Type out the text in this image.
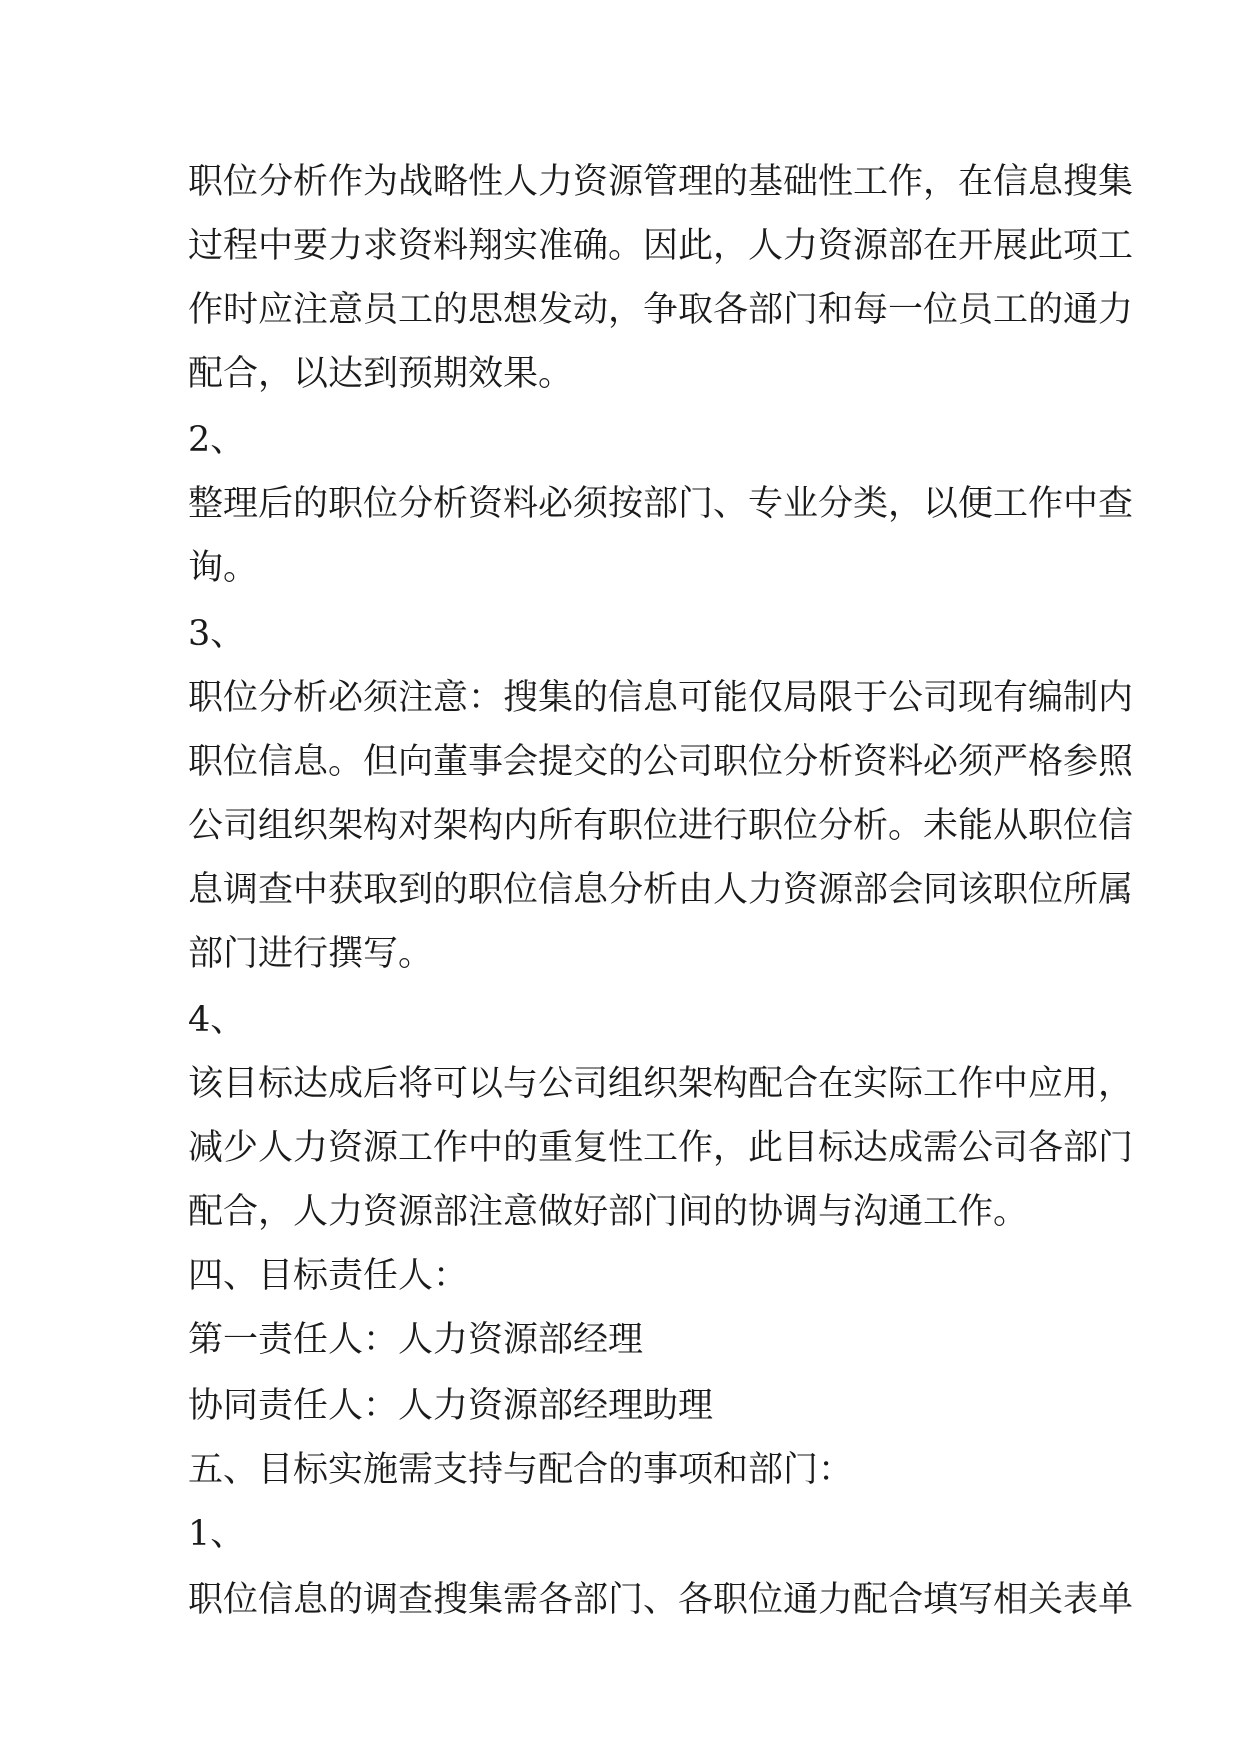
职位分析作为战略性人力资源管理的基础性工作，在信息搜集
过程中要力求资料翔实准确。因此，人力资源部在开展此项工
作时应注意员工的思想发动，争取各部门和每一位员工的通力
配合，以达到预期效果。
2、
整理后的职位分析资料必须按部门、专业分类，以便工作中查
询。
3、
职位分析必须注意：搜集的信息可能仅局限于公司现有编制内
职位信息。但向董事会提交的公司职位分析资料必须严格参照
公司组织架构对架构内所有职位进行职位分析。未能从职位信
息调查中获取到的职位信息分析由人力资源部会同该职位所属
部门进行撰写。
4、
该目标达成后将可以与公司组织架构配合在实际工作中应用，
减少人力资源工作中的重复性工作，此目标达成需公司各部门
配合，人力资源部注意做好部门间的协调与沟通工作。
四、目标责任人：
第一责任人：人力资源部经理
协同责任人：人力资源部经理助理
五、目标实施需支持与配合的事项和部门：
1、
职位信息的调查搜集需各部门、各职位通力配合填写相关表单
